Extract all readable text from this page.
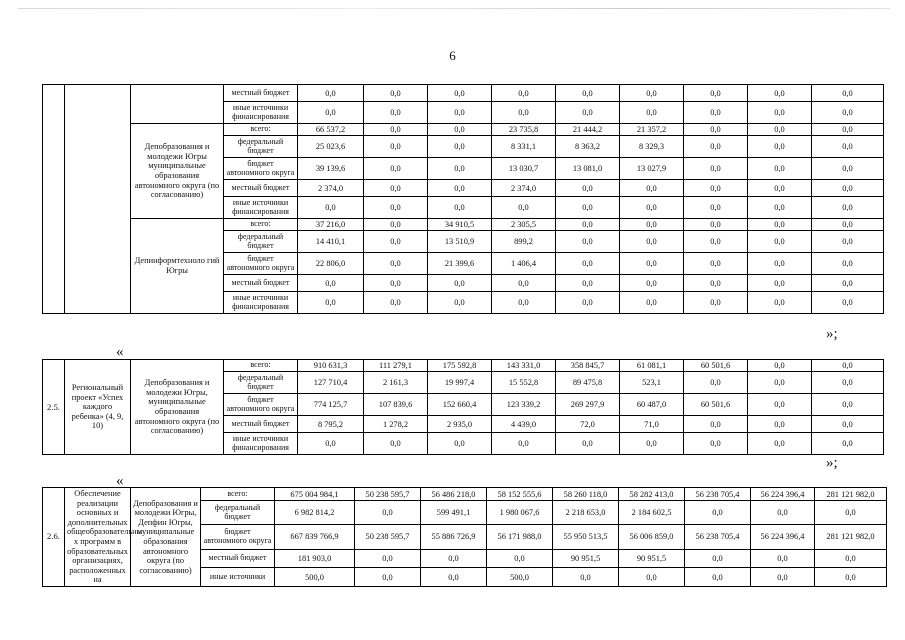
6
			местный бюджет	0,0	0,0	0,0	0,0	0,0	0,0	0,0	0,0	0,0
			иные источники финансирования	0,0	0,0	0,0	0,0	0,0	0,0	0,0	0,0	0,0
		Депобразования и молодежи Югры муниципальные образования автономного округа (по согласованию)	всего:	66 537,2	0,0	0,0	23 735,8	21 444,2	21 357,2	0,0	0,0	0,0
			федеральный бюджет	25 023,6	0,0	0,0	8 331,1	8 363,2	8 329,3	0,0	0,0	0,0
			бюджет автономного округа	39 139,6	0,0	0,0	13 030,7	13 081,0	13 027,9	0,0	0,0	0,0
			местный бюджет	2 374,0	0,0	0,0	2 374,0	0,0	0,0	0,0	0,0	0,0
			иные источники финансирования	0,0	0,0	0,0	0,0	0,0	0,0	0,0	0,0	0,0
		Депинформтехноло гий Югры	всего:	37 216,0	0,0	34 910,5	2 305,5	0,0	0,0	0,0	0,0	0,0
			федеральный бюджет	14 410,1	0,0	13 510,9	899,2	0,0	0,0	0,0	0,0	0,0
			бюджет автономного округа	22 806,0	0,0	21 399,6	1 406,4	0,0	0,0	0,0	0,0	0,0
			местный бюджет	0,0	0,0	0,0	0,0	0,0	0,0	0,0	0,0	0,0
			иные источники финансирования	0,0	0,0	0,0	0,0	0,0	0,0	0,0	0,0	0,0
»;
«
2.5.	Региональный проект «Успех каждого ребенка» (4, 9, 10)	Депобразования и молодежи Югры, муниципальные образования автономного округа (по согласованию)	всего:	910 631,3	111 279,1	175 592,8	143 331,0	358 845,7	61 081,1	60 501,6	0,0	0,0
			федеральный бюджет	127 710,4	2 161,3	19 997,4	15 552,8	89 475,8	523,1	0,0	0,0	0,0
			бюджет автономного округа	774 125,7	107 839,6	152 660,4	123 339,2	269 297,9	60 487,0	60 501,6	0,0	0,0
			местный бюджет	8 795,2	1 278,2	2 935,0	4 439,0	72,0	71,0	0,0	0,0	0,0
			иные источники финансирования	0,0	0,0	0,0	0,0	0,0	0,0	0,0	0,0	0,0
»;
«
2.6.	Обеспечение реализации основных и дополнительных общеобразовательны х программ в образовательных организациях, расположенных на	Депобразования и молодежи Югры, Депфин Югры, муниципальные образования автономного округа (по согласованию)	всего:	675 004 984,1	50 238 595,7	56 486 218,0	58 152 555,6	58 260 118,0	58 282 413,0	56 238 705,4	56 224 396,4	281 121 982,0
			федеральный бюджет	6 982 814,2	0,0	599 491,1	1 980 067,6	2 218 653,0	2 184 602,5	0,0	0,0	0,0
			бюджет автономного округа	667 839 766,9	50 238 595,7	55 886 726,9	56 171 988,0	55 950 513,5	56 006 859,0	56 238 705,4	56 224 396,4	281 121 982,0
			местный бюджет	181 903,0	0,0	0,0	0,0	90 951,5	90 951,5	0,0	0,0	0,0
			иные источники	500,0	0,0	0,0	500,0	0,0	0,0	0,0	0,0	0,0
